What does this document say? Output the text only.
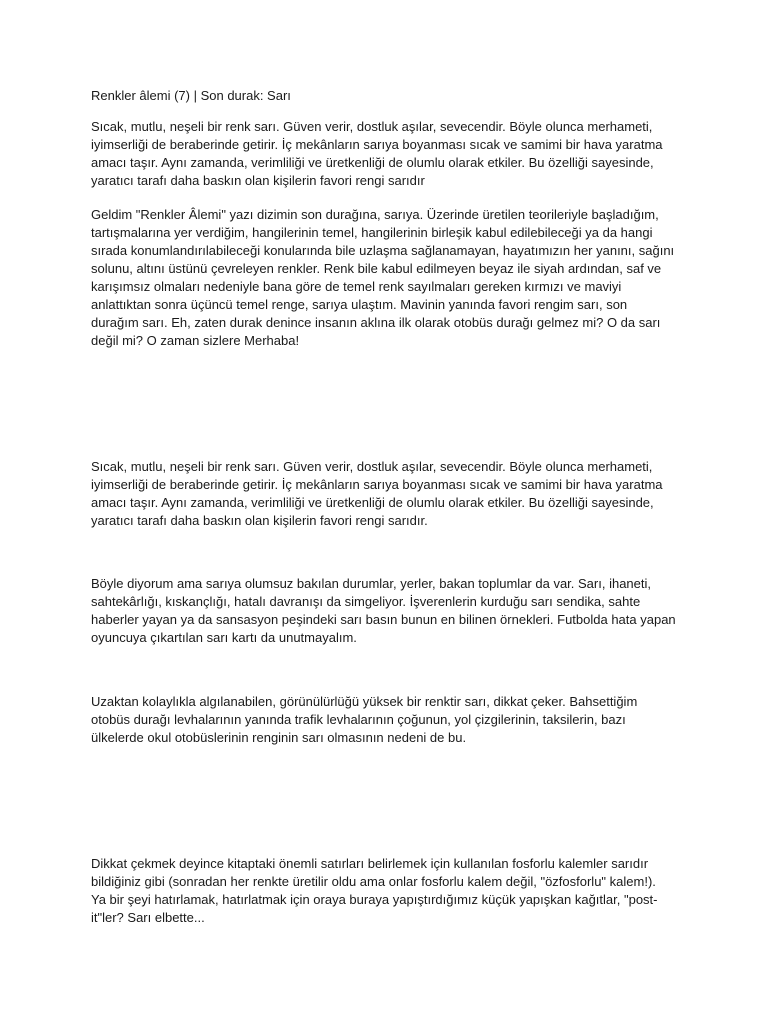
Renkler âlemi (7) | Son durak: Sarı

Sıcak, mutlu, neşeli bir renk sarı. Güven verir, dostluk aşılar, sevecendir. Böyle olunca merhameti,

iyimserliği de beraberinde getirir. İç mekânların sarıya boyanması sıcak ve samimi bir hava yaratma

amacı taşır. Aynı zamanda, verimliliği ve üretkenliği de olumlu olarak etkiler. Bu özelliği sayesinde,

yaratıcı tarafı daha baskın olan kişilerin favori rengi sarıdır

Geldim "Renkler Âlemi" yazı dizimin son durağına, sarıya. Üzerinde üretilen teorileriyle başladığım,

tartışmalarına yer verdiğim, hangilerinin temel, hangilerinin birleşik kabul edilebileceği ya da hangi

sırada konumlandırılabileceği konularında bile uzlaşma sağlanamayan, hayatımızın her yanını, sağını

solunu, altını üstünü çevreleyen renkler. Renk bile kabul edilmeyen beyaz ile siyah ardından, saf ve

karışımsız olmaları nedeniyle bana göre de temel renk sayılmaları gereken kırmızı ve maviyi

anlattıktan sonra üçüncü temel renge, sarıya ulaştım. Mavinin yanında favori rengim sarı, son

durağım sarı. Eh, zaten durak denince insanın aklına ilk olarak otobüs durağı gelmez mi? O da sarı

değil mi? O zaman sizlere Merhaba!

Sıcak, mutlu, neşeli bir renk sarı. Güven verir, dostluk aşılar, sevecendir. Böyle olunca merhameti,

iyimserliği de beraberinde getirir. İç mekânların sarıya boyanması sıcak ve samimi bir hava yaratma

amacı taşır. Aynı zamanda, verimliliği ve üretkenliği de olumlu olarak etkiler. Bu özelliği sayesinde,

yaratıcı tarafı daha baskın olan kişilerin favori rengi sarıdır.

Böyle diyorum ama sarıya olumsuz bakılan durumlar, yerler, bakan toplumlar da var. Sarı, ihaneti,

sahtekârlığı, kıskançlığı, hatalı davranışı da simgeliyor. İşverenlerin kurduğu sarı sendika, sahte

haberler yayan ya da sansasyon peşindeki sarı basın bunun en bilinen örnekleri. Futbolda hata yapan

oyuncuya çıkartılan sarı kartı da unutmayalım.

Uzaktan kolaylıkla algılanabilen, görünülürlüğü yüksek bir renktir sarı, dikkat çeker. Bahsettiğim

otobüs durağı levhalarının yanında trafik levhalarının çoğunun, yol çizgilerinin, taksilerin, bazı

ülkelerde okul otobüslerinin renginin sarı olmasının nedeni de bu.

Dikkat çekmek deyince kitaptaki önemli satırları belirlemek için kullanılan fosforlu kalemler sarıdır

bildiğiniz gibi (sonradan her renkte üretilir oldu ama onlar fosforlu kalem değil, "özfosforlu" kalem!).

Ya bir şeyi hatırlamak, hatırlatmak için oraya buraya yapıştırdığımız küçük yapışkan kağıtlar, "post-

it"ler? Sarı elbette...
